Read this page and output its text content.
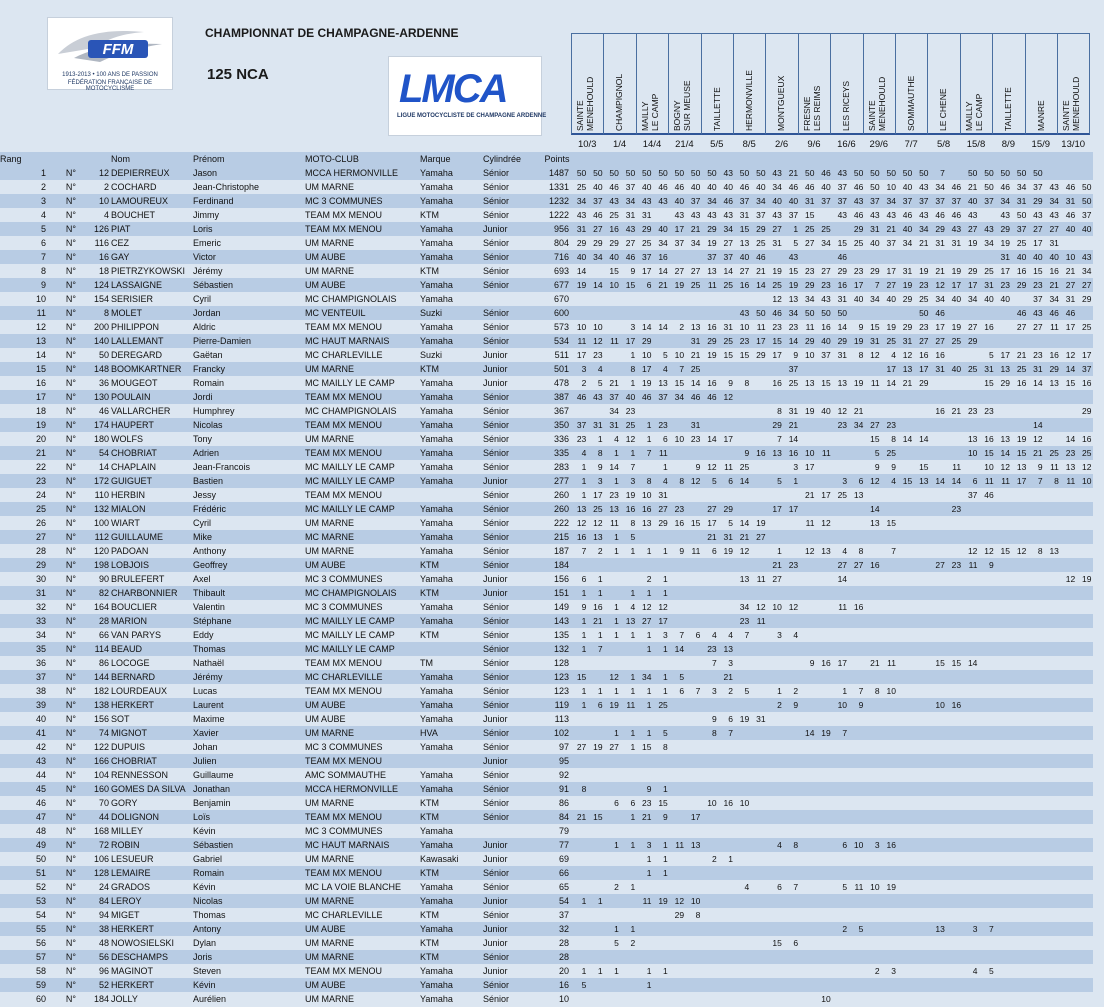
FFM
1913-2013 • 100 ANS DE PASSION
FÉDÉRATION FRANÇAISE DE MOTOCYCLISME
CHAMPIONNAT DE CHAMPAGNE-ARDENNE
125 NCA	LMCA
LIGUE MOTOCYCLISTE DE CHAMPAGNE ARDENNE	SAINTE MENEHOULD
10/3
CHAMPIGNOL
1/4
MAILLY LE CAMP
14/4
BOGNY SUR MEUSE
21/4
TAILLETTE
5/5
HERMONVILLE
8/5
MONTGUEUX
2/6
FRESNE LES REIMS
9/6
LES RICEYS
16/6
SAINTE MENEHOULD
29/6
SOMMAUTHE
7/7
LE CHENE
5/8
MAILLY LE CAMP
15/8
TAILLETTE
8/9
MANRE
15/9
SAINTE MENEHOULD
13/10
Rang			Nom	Prénom	MOTO-CLUB	Marque	Cylindrée	Points																																
1	N°	12	DEPIERREUX	Jason	MCCA HERMONVILLE	Yamaha	Sénior	1487	50	50	50	50	50	50	50	50	50	43	50	50	43	21	50	46	43	50	50	50	50	50	7		50	50	50	50	50			
2	N°	2	COCHARD	Jean-Christophe	UM MARNE	Yamaha	Sénior	1331	25	40	46	37	40	46	46	40	40	40	46	40	34	46	46	40	37	46	50	10	40	43	34	46	21	50	46	34	37	43	46	50
3	N°	10	LAMOUREUX	Ferdinand	MC 3 COMMUNES	Yamaha	Sénior	1232	34	37	43	34	43	43	40	37	34	46	37	34	40	40	31	37	37	43	37	34	37	37	37	37	40	37	34	31	29	34	31	50
4	N°	4	BOUCHET	Jimmy	TEAM MX MENOU	KTM	Sénior	1222	43	46	25	31	31		43	43	43	43	31	37	43	37	15		43	46	43	43	46	43	46	46	43		43	50	43	43	46	37
5	N°	126	PIAT	Loris	TEAM MX MENOU	Yamaha	Junior	956	31	27	16	43	29	40	17	21	29	34	15	29	27	1	25	25		29	31	21	40	34	29	43	27	43	29	37	27	27	40	40
6	N°	116	CEZ	Emeric	UM MARNE	Yamaha	Sénior	804	29	29	29	27	25	34	37	34	19	27	13	25	31	5	27	34	15	25	40	37	34	21	31	31	19	34	19	25	17	31		
7	N°	16	GAY	Victor	UM AUBE	Yamaha	Sénior	716	40	34	40	46	37	16			37	37	40	46		43			46										31	40	40	40	10	43
8	N°	18	PIETRZYKOWSKI	Jérémy	UM MARNE	KTM	Sénior	693	14		15	9	17	14	27	27	13	14	27	21	19	15	23	27	29	23	29	17	31	19	21	19	29	25	17	16	15	16	21	34
9	N°	124	LASSAIGNE	Sébastien	UM AUBE	Yamaha	Sénior	677	19	14	10	15	6	21	19	25	11	25	16	14	25	19	29	23	16	17	7	27	19	23	12	17	17	31	23	29	23	21	27	27
10	N°	154	SERISIER	Cyril	MC CHAMPIGNOLAIS	Yamaha		670													12	13	34	43	31	40	34	40	29	25	34	40	34	40	40		37	34	31	29
11	N°	8	MOLET	Jordan	MC VENTEUIL	Suzki	Sénior	600											43	50	46	34	50	50	50					50	46					46	43	46	46	
12	N°	200	PHILIPPON	Aldric	TEAM MX MENOU	Yamaha	Sénior	573	10	10		3	14	14	2	13	16	31	10	11	23	23	11	16	14	9	15	19	29	23	17	19	27	16		27	27	11	17	25
13	N°	140	LALLEMANT	Pierre-Damien	MC HAUT MARNAIS	Yamaha	Sénior	534	11	12	11	17	29			31	29	25	23	17	15	14	29	40	29	19	31	25	31	27	27	25	29							
14	N°	50	DEREGARD	Gaëtan	MC CHARLEVILLE	Suzki	Junior	511	17	23		1	10	5	10	21	19	15	15	29	17	9	10	37	31	8	12	4	12	16	16			5	17	21	23	16	12	17
15	N°	148	BOOMKARTNER	Francky	UM MARNE	KTM	Junior	501	3	4		8	17	4	7	25						37						17	13	17	31	40	25	31	13	25	31	29	14	37
16	N°	36	MOUGEOT	Romain	MC MAILLY LE CAMP	Yamaha	Junior	478	2	5	21	1	19	13	15	14	16	9	8		16	25	13	15	13	19	11	14	21	29				15	29	16	14	13	15	16
17	N°	130	POULAIN	Jordi	TEAM MX MENOU	Yamaha	Sénior	387	46	43	37	40	46	37	34	46	46	12																						
18	N°	46	VALLARCHER	Humphrey	MC CHAMPIGNOLAIS	Yamaha	Sénior	367			34	23									8	31	19	40	12	21					16	21	23	23						29
19	N°	174	HAUPERT	Nicolas	TEAM MX MENOU	Yamaha	Sénior	350	37	31	31	25	1	23		31					29	21			23	34	27	23									14			
20	N°	180	WOLFS	Tony	UM MARNE	Yamaha	Sénior	336	23	1	4	12	1	6	10	23	14	17			7	14					15	8	14	14			13	16	13	19	12		14	16
21	N°	54	CHOBRIAT	Adrien	TEAM MX MENOU	Yamaha	Sénior	335	4	8	1	1	7	11					9	16	13	16	10	11			5	25					10	15	14	15	21	25	23	25
22	N°	14	CHAPLAIN	Jean-Francois	MC MAILLY LE CAMP	Yamaha	Sénior	283	1	9	14	7		1		9	12	11	25			3	17				9	9		15		11		10	12	13	9	11	13	12
23	N°	172	GUIGUET	Bastien	MC MAILLY LE CAMP	Yamaha	Junior	277	1	3	1	3	8	4	8	12	5	6	14		5	1			3	6	12	4	15	13	14	14	6	11	11	17	7	8	11	10
24	N°	110	HERBIN	Jessy	TEAM MX MENOU		Sénior	260	1	17	23	19	10	31									21	17	25	13							37	46						
25	N°	132	MIALON	Frédéric	MC MAILLY LE CAMP	Yamaha	Sénior	260	13	25	13	16	16	27	23		27	29			17	17					14					23								
26	N°	100	WIART	Cyril	UM MARNE	Yamaha	Sénior	222	12	12	11	8	13	29	16	15	17	5	14	19			11	12			13	15												
27	N°	112	GUILLAUME	Mike	MC MARNE	Yamaha	Sénior	215	16	13	1	5					21	31	21	27																				
28	N°	120	PADOAN	Anthony	UM MARNE	Yamaha	Sénior	187	7	2	1	1	1	1	9	11	6	19	12		1		12	13	4	8		7					12	12	15	12	8	13		
29	N°	198	LOBJOIS	Geoffrey	UM AUBE	KTM	Sénior	184													21	23			27	27	16				27	23	11	9						
30	N°	90	BRULEFERT	Axel	MC 3 COMMUNES	Yamaha	Junior	156	6	1			2	1					13	11	27				14														12	19
31	N°	82	CHARBONNIER	Thibault	MC CHAMPIGNOLAIS	KTM	Junior	151	1	1		1	1	1																										
32	N°	164	BOUCLIER	Valentin	MC 3 COMMUNES	Yamaha	Sénior	149	9	16	1	4	12	12					34	12	10	12			11	16														
33	N°	28	MARION	Stéphane	MC MAILLY LE CAMP	Yamaha	Sénior	143	1	21	1	13	27	17					23	11																				
34	N°	66	VAN PARYS	Eddy	MC MAILLY LE CAMP	KTM	Sénior	135	1	1	1	1	1	3	7	6	4	4	7		3	4																		
35	N°	114	BEAUD	Thomas	MC MAILLY LE CAMP		Sénior	132	1	7			1	1	14		23	13																						
36	N°	86	LOCOGE	Nathaël	TEAM MX MENOU	TM	Sénior	128									7	3					9	16	17		21	11			15	15	14							
37	N°	144	BERNARD	Jérémy	MC CHARLEVILLE	Yamaha	Sénior	123	15		12	1	34	1	5			21																						
38	N°	182	LOURDEAUX	Lucas	TEAM MX MENOU	Yamaha	Sénior	123	1	1	1	1	1	1	6	7	3	2	5		1	2			1	7	8	10												
39	N°	138	HERKERT	Laurent	UM AUBE	Yamaha	Sénior	119	1	6	19	11	1	25							2	9			10	9					10	16								
40	N°	156	SOT	Maxime	UM AUBE	Yamaha	Junior	113									9	6	19	31																				
41	N°	74	MIGNOT	Xavier	UM MARNE	HVA	Sénior	102			1	1	1	5			8	7					14	19	7															
42	N°	122	DUPUIS	Johan	MC 3 COMMUNES	Yamaha	Sénior	97	27	19	27	1	15	8																										
43	N°	166	CHOBRIAT	Julien	TEAM MX MENOU		Junior	95																																
44	N°	104	RENNESSON	Guillaume	AMC SOMMAUTHE	Yamaha	Sénior	92																																
45	N°	160	GOMES DA SILVA	Jonathan	MCCA HERMONVILLE	Yamaha	Sénior	91	8				9	1																										
46	N°	70	GORY	Benjamin	UM MARNE	KTM	Sénior	86			6	6	23	15			10	16	10																					
47	N°	44	DOLIGNON	Loïs	TEAM MX MENOU	KTM	Sénior	84	21	15		1	21	9		17																								
48	N°	168	MILLEY	Kévin	MC 3 COMMUNES	Yamaha		79																																
49	N°	72	ROBIN	Sébastien	MC HAUT MARNAIS	Yamaha	Junior	77			1	1	3	1	11	13					4	8			6	10	3	16												
50	N°	106	LESUEUR	Gabriel	UM MARNE	Kawasaki	Junior	69					1	1			2	1																						
51	N°	128	LEMAIRE	Romain	TEAM MX MENOU	KTM	Sénior	66					1	1																										
52	N°	24	GRADOS	Kévin	MC LA VOIE BLANCHE	Yamaha	Sénior	65			2	1							4		6	7			5	11	10	19												
53	N°	84	LEROY	Nicolas	UM MARNE	Yamaha	Junior	54	1	1			11	19	12	10																								
54	N°	94	MIGET	Thomas	MC CHARLEVILLE	KTM	Sénior	37							29	8																								
55	N°	38	HERKERT	Antony	UM AUBE	Yamaha	Junior	32			1	1													2	5					13		3	7						
56	N°	48	NOWOSIELSKI	Dylan	UM MARNE	KTM	Junior	28			5	2									15	6																		
57	N°	56	DESCHAMPS	Joris	UM MARNE	KTM	Sénior	28																																
58	N°	96	MAGINOT	Steven	TEAM MX MENOU	Yamaha	Junior	20	1	1	1		1	1													2	3					4	5						
59	N°	52	HERKERT	Kévin	UM AUBE	Yamaha	Sénior	16	5				1																											
60	N°	184	JOLLY	Aurélien	UM MARNE	Yamaha	Sénior	10																10																
